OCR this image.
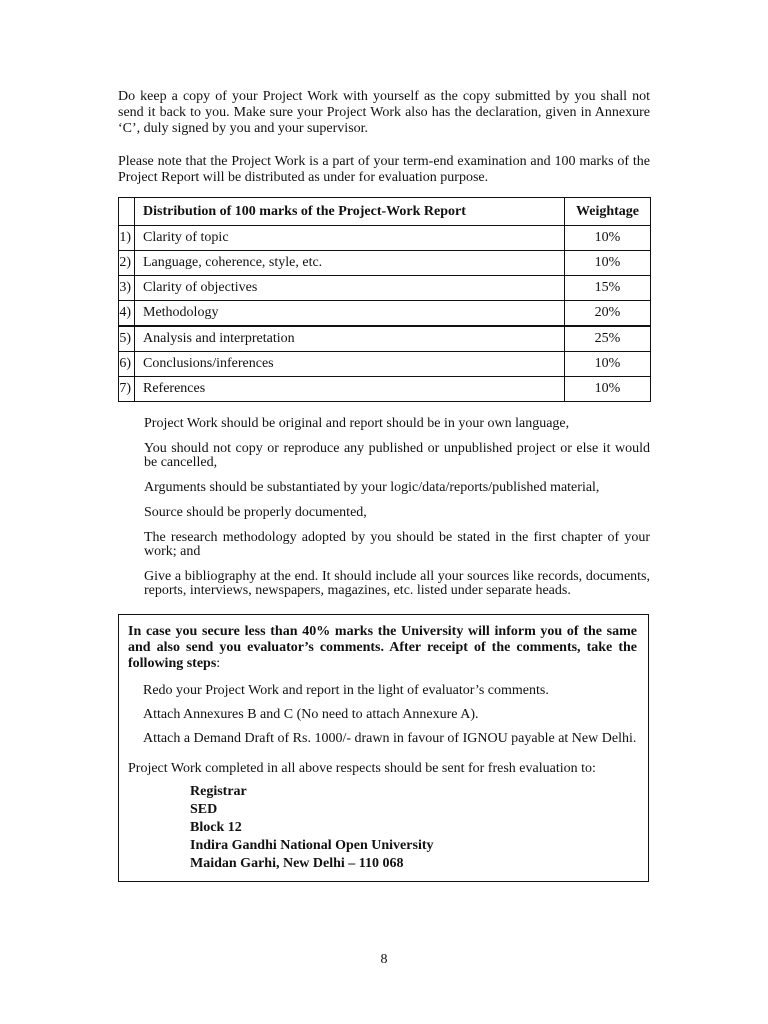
Do keep a copy of your Project Work with yourself as the copy submitted by you shall not send it back to you. Make sure your Project Work also has the declaration, given in Annexure ‘C’, duly signed by you and your supervisor.

Please note that the Project Work is a part of your term-end examination and 100 marks of the Project Report will be distributed as under for evaluation purpose.

	Distribution of 100 marks of the Project-Work Report	Weightage
1)	Clarity of topic	10%
2)	Language, coherence, style, etc.	10%
3)	Clarity of objectives	15%
4)	Methodology	20%
5)	Analysis and interpretation	25%
6)	Conclusions/inferences	10%
7)	References	10%
Project Work should be original and report should be in your own language,
You should not copy or reproduce any published or unpublished project or else it would be cancelled,
Arguments should be substantiated by your logic/data/reports/published material,
Source should be properly documented,
The research methodology adopted by you should be stated in the first chapter of your work; and
Give a bibliography at the end. It should include all your sources like records, documents, reports, interviews, newspapers, magazines, etc. listed under separate heads.

In case you secure less than 40% marks the University will inform you of the same and also send you evaluator’s comments. After receipt of the comments, take the following steps:

Redo your Project Work and report in the light of evaluator’s comments.
Attach Annexures B and C (No need to attach Annexure A).
Attach a Demand Draft of Rs. 1000/- drawn in favour of IGNOU payable at New Delhi.

Project Work completed in all above respects should be sent for fresh evaluation to:

Registrar
SED
Block 12
Indira Gandhi National Open University
Maidan Garhi, New Delhi – 110 068

8
